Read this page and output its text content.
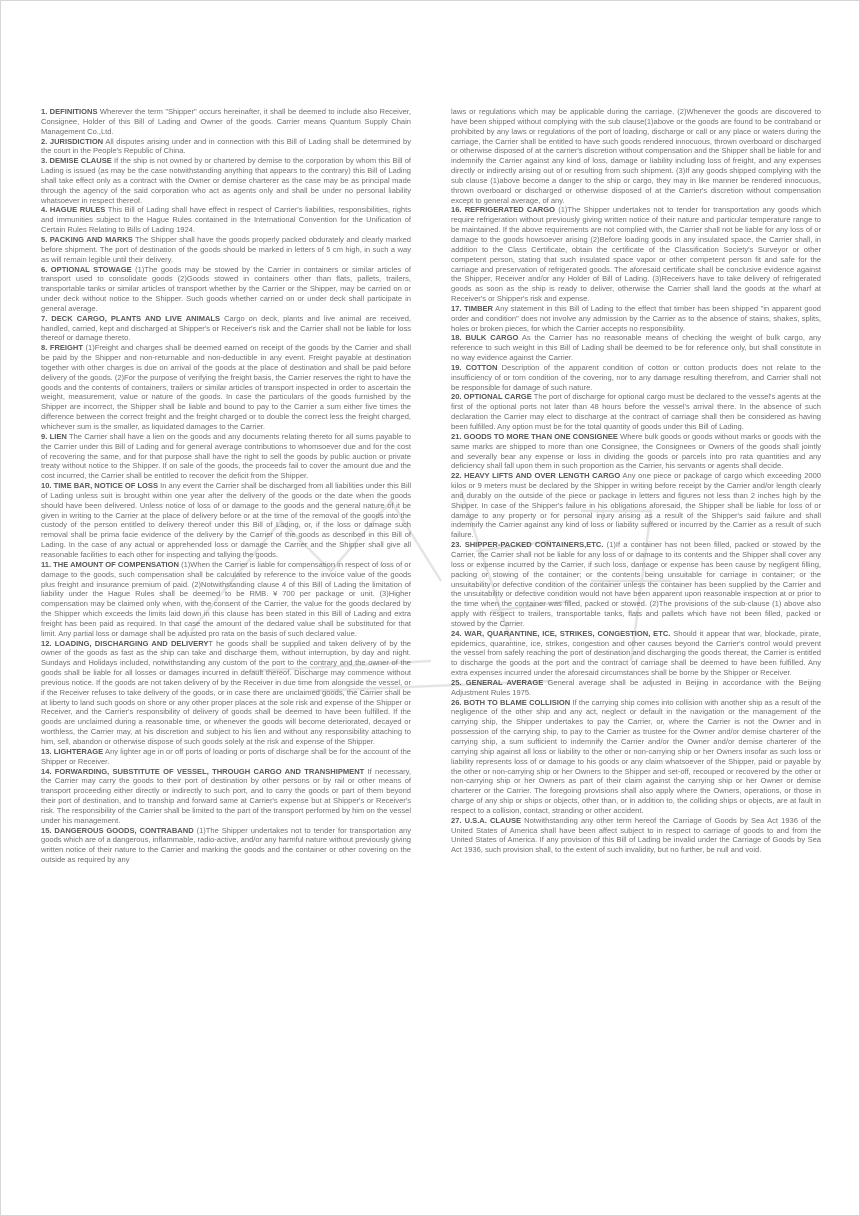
1. DEFINITIONS Wherever the term "Shipper" occurs hereinafter, it shall be deemed to include also Receiver, Consignee, Holder of this Bill of Lading and Owner of the goods. Carrier means Quantum Supply Chain Management Co.,Ltd.

2. JURISDICTION All disputes arising under and in connection with this Bill of Lading shall be determined by the court in the People's Republic of China.

3. DEMISE CLAUSE If the ship is not owned by or chartered by demise to the corporation by whom this Bill of Lading is issued (as may be the case notwithstanding anything that appears to the contrary) this Bill of Lading shall take effect only as a contract with the Owner or demise charterer as the case may be as principal made through the agency of the said corporation who act as agents only and shall be under no personal liability whatsoever in respect thereof.

4. HAGUE RULES This Bill of Lading shall have effect in respect of Carrier's liabilities, responsibilities, rights and immunities subject to the Hague Rules contained in the International Convention for the Unification of Certain Rules Relating to Bills of Lading 1924.

5. PACKING AND MARKS The Shipper shall have the goods properly packed obdurately and clearly marked before shipment. The port of destination of the goods should be marked in letters of 5 cm high, in such a way as will remain legible until their delivery.

6. OPTIONAL STOWAGE (1)The goods may be stowed by the Carrier in containers or similar articles of transport used to consolidate goods (2)Goods stowed in containers other than flats, pallets, trailers, transportable tanks or similar articles of transport whether by the Carrier or the Shipper, may be carried on or under deck without notice to the Shipper. Such goods whether carried on or under deck shall participate in general average.

7. DECK CARGO, PLANTS AND LIVE ANIMALS Cargo on deck, plants and live animal are received, handled, carried, kept and discharged at Shipper's or Receiver's risk and the Carrier shall not be liable for loss thereof or damage thereto.

8. FREIGHT (1)Freight and charges shall be deemed earned on receipt of the goods by the Carrier and shall be paid by the Shipper and non-returnable and non-deductible in any event. Freight payable at destination together with other charges is due on arrival of the goods at the place of destination and shall be paid before delivery of the goods. (2)For the purpose of verifying the freight basis, the Carrier reserves the right to have the goods and the contents of containers, trailers or similar articles of transport inspected in order to ascertain the weight, measurement, value or nature of the goods. In case the particulars of the goods furnished by the Shipper are incorrect, the Shipper shall be liable and bound to pay to the Carrier a sum either five times the difference between the correct freight and the freight charged or to double the correct less the freight charged, whichever sum is the smaller, as liquidated damages to the Carrier.

9. LIEN The Carrier shall have a lien on the goods and any documents relating thereto for all sums payable to the Carrier under this Bill of Lading and for general average contributions to whomsoever due and for the cost of recovering the same, and for that purpose shall have the right to sell the goods by public auction or private treaty without notice to the Shipper. If on sale of the goods, the proceeds fail to cover the amount due and the cost incurred, the Carrier shall be entitled to recover the deficit from the Shipper.

10. TIME BAR, NOTICE OF LOSS In any event the Carrier shall be discharged from all liabilities under this Bill of Lading unless suit is brought within one year after the delivery of the goods or the date when the goods should have been delivered. Unless notice of loss of or damage to the goods and the general nature of it be given in writing to the Carrier at the place of delivery before or at the time of the removal of the goods into the custody of the person entitled to delivery thereof under this Bill of Lading, or, if the loss or damage such removal shall be prima facie evidence of the delivery by the Carrier of the goods as described in this Bill of Lading. In the case of any actual or apprehended loss or damage the Carrier and the Shipper shall give all reasonable facilities to each other for inspecting and tallying the goods.

11. THE AMOUNT OF COMPENSATION (1)When the Carrier is liable for compensation in respect of loss of or damage to the goods, such compensation shall be calculated by reference to the invoice value of the goods plus freight and insurance premium of paid. (2)Notwithstanding clause 4 of this Bill of Lading the limitation of liability under the Hague Rules shall be deemed to be RMB. ¥ 700 per package or unit. (3)Higher compensation may be claimed only when, with the consent of the Carrier, the value for the goods declared by the Shipper which exceeds the limits laid down in this clause has been stated in this Bill of Lading and extra freight has been paid as required. In that case the amount of the dedared value shall be substituted for that limit. Any partial loss or damage shall be adjusted pro rata on the basis of such declared value.

12. LOADING, DISCHARGING AND DELIVERYT he goods shall be supplied and taken delivery of by the owner of the goods as fast as the ship can take and discharge them, without interruption, by day and night. Sundays and Holidays included, notwithstanding any custom of the port to the contrary and the owner of the goods shall be liable for all losses or damages incurred in default thereof. Discharge may commence without previous notice. If the goods are not taken delivery of by the Receiver in due time from alongside the vessel, or if the Receiver refuses to take delivery of the goods, or in case there are unclaimed goods, the Carrier shall be at liberty to land such goods on shore or any other proper places at the sole risk and expense of the Shipper or Receiver, and the Carrier's responsibility of delivery of goods shall be deemed to have been fulfilled. If the goods are unclaimed during a reasonable time, or whenever the goods will become deteriorated, decayed or worthless, the Carrier may, at his discretion and subject to his lien and without any responsibility attaching to him, sell, abandon or otherwise dispose of such goods solely at the risk and expense of the Shipper.

13. LIGHTERAGE Any lighter age in or off ports of loading or ports of discharge shall be for the account of the Shipper or Receiver.

14. FORWARDING, SUBSTITUTE OF VESSEL, THROUGH CARGO AND TRANSHIPMENT If necessary, the Carrier may carry the goods to their port of destination by other persons or by rail or other means of transport proceeding either directly or indirectly to such port, and to carry the goods or part of them beyond their port of destination, and to tranship and forward same at Carrier's expense but at Shipper's or Receiver's risk. The responsibility of the Carrier shall be limited to the part of the transport performed by him on the vessel under his management.

15. DANGEROUS GOODS, CONTRABAND (1)The Shipper undertakes not to tender for transportation any goods which are of a dangerous, inflammable, radio-active, and/or any harmful nature without previously giving written notice of their nature to the Carrier and marking the goods and the container or other covering on the outside as required by any

laws or regulations which may be applicable during the carriage. (2)Whenever the goods are discovered to have been shipped without complying with the sub clause(1)above or the goods are found to be contraband or prohibited by any laws or regulations of the port of loading, discharge or call or any place or waters during the carriage, the Carrier shall be entitled to have such goods rendered innocuous, thrown overboard or discharged or otherwise disposed of at the carrier's discretion without compensation and the Shipper shall be liable for and indemnify the Carrier against any kind of loss, damage or liability including loss of freight, and any expenses directly or indirectly arising out of or resulting from such shipment. (3)If any goods shipped complying with the sub clause (1)above become a danger to the ship or cargo, they may in like manner be rendered innocuous, thrown overboard or discharged or otherwise disposed of at the Carrier's discretion without compensation except to general average, of any.

16. REFRIGERATED CARGO (1)The Shipper undertakes not to tender for transportation any goods which require refrigeration without previously giving written notice of their nature and particular temperature range to be maintained. If the above requirements are not complied with, the Carrier shall not be liable for any loss of or damage to the goods howsoever arising (2)Before loading goods in any insulated space, the Carrier shall, in addition to the Class Certificate, obtain the certificate of the Classification Society's Surveyor or other competent person, stating that such insulated space vapor or other competent person fit and safe for the carriage and preservation of refrigerated goods. The aforesaid certificate shall be conclusive evidence against the Shipper, Receiver and/or any Holder of Bill of Lading. (3)Receivers have to take delivery of refrigerated goods as soon as the ship is ready to deliver, otherwise the Carrier shall land the goods at the wharf at Receiver's or Shipper's risk and expense.

17. TIMBER Any statement in this Bill of Lading to the effect that timber has been shipped "in apparent good order and condition" does not involve any admission by the Carrier as to the absence of stains, shakes, splits, holes or broken pieces, for which the Carrier accepts no responsibility.

18. BULK CARGO As the Carrier has no reasonable means of checking the weight of bulk cargo, any reference to such weight in this Bill of Lading shall be deemed to be for reference only, but shall constitute in no way evidence against the Carrier.

19. COTTON Description of the apparent condition of cotton or cotton products does not relate to the insufficiency of or torn condition of the covering, nor to any damage resulting therefrom, and Carrier shall not be responsible for damage of such nature.

20. OPTIONAL CARGE The port of discharge for optional cargo must be declared to the vessel's agents at the first of the optional ports not later than 48 hours before the vessel's arrival there. In the absence of such declaration the Carrier may elect to discharge at the contract of carriage shall then be considered as having been fulfilled. Any option must be for the total quantity of goods under this Bill of Lading.

21. GOODS TO MORE THAN ONE CONSIGNEE Where bulk goods or goods without marks or goods with the same marks are shipped to more than one Consignee, the Consignees or Owners of the goods shall jointly and severally bear any expense or loss in dividing the goods or parcels into pro rata quantities and any deficiency shall fall upon them in such proportion as the Carrier, his servants or agents shall decide.

22. HEAVY LIFTS AND OVER LENGTH CARGO Any one piece or package of cargo which exceeding 2000 kilos or 9 meters must be declared by the Shipper in writing before receipt by the Carrier and/or length clearly and durably on the outside of the piece or package in letters and figures not less than 2 inches high by the Shipper. In case of the Shipper's failure in his obligations aforesaid, the Shipper shall be liable for loss of or damage to any property or for personal injury arising as a result of the Shipper's said failure and shall indemnify the Carrier against any kind of loss or liability suffered or incurred by the Carrier as a result of such failure.

23. SHIPPER-PACKED CONTAINERS,ETC. (1)If a container has not been filled, packed or stowed by the Carrier, the Carrier shall not be liable for any loss of or damage to its contents and the Shipper shall cover any loss or expense incurred by the Carrier, if such loss, damage or expense has been cause by negligent filling, packing or stowing of the container; or the contents being unsuitable for carriage in container; or the unsuitability or defective condition of the container unless the container has been supplied by the Carrier and the unsuitability or defective condition would not have been apparent upon reasonable inspection at or prior to the time when the container was filled, packed or stowed. (2)The provisions of the sub-clause (1) above also apply with respect to trailers, transportable tanks, flats and pallets which have not been filled, packed or stowed by the Carrier.

24. WAR, QUARANTINE, ICE, STRIKES, CONGESTION, ETC. Should it appear that war, blockade, pirate, epidemics, quarantine, ice, strikes, congestion and other causes beyond the Carrier's control would prevent the vessel from safely reaching the port of destination and discharging the goods thereat, the Carrier is entitled to discharge the goods at the port and the contract of carriage shall be deemed to have been fulfilled. Any extra expenses incurred under the aforesaid circumstances shall be borne by the Shipper or Receiver.

25. GENERAL AVERAGE General average shall be adjusted in Beijing in accordance with the Beijing Adjustment Rules 1975.

26. BOTH TO BLAME COLLISION If the carrying ship comes into collision with another ship as a result of the negligence of the other ship and any act, neglect or default in the navigation or the management of the carrying ship, the Shipper undertakes to pay the Carrier, or, where the Carrier is not the Owner and in possession of the carrying ship, to pay to the Carrier as trustee for the Owner and/or demise charterer of the carrying ship, a sum sufficient to indemnify the Carrier and/or the Owner and/or demise charterer of the carrying ship against all loss or liability to the other or non-carrying ship or her Owners insofar as such loss or liability represents loss of or damage to his goods or any claim whatsoever of the Shipper, paid or payable by the other or non-carrying ship or her Owners to the Shipper and set-off, recouped or recovered by the other or non-carrying ship or her Owners as part of their claim against the carrying ship or her Owner or demise charterer or the Carrier. The foregoing provisions shall also apply where the Owners, operations, or those in charge of any ship or ships or objects, other than, or in addition to, the colliding ships or objects, are at fault in respect to a collision, contact, stranding or other accident.

27. U.S.A. CLAUSE Notwithstanding any other term hereof the Carriage of Goods by Sea Act 1936 of the United States of America shall have been affect subject to in respect to carriage of goods to and from the United States of America. If any provision of this Bill of Lading be invalid under the Carriage of Goods by Sea Act 1936, such provision shall, to the extent of such invalidity, but no further, be null and void.
